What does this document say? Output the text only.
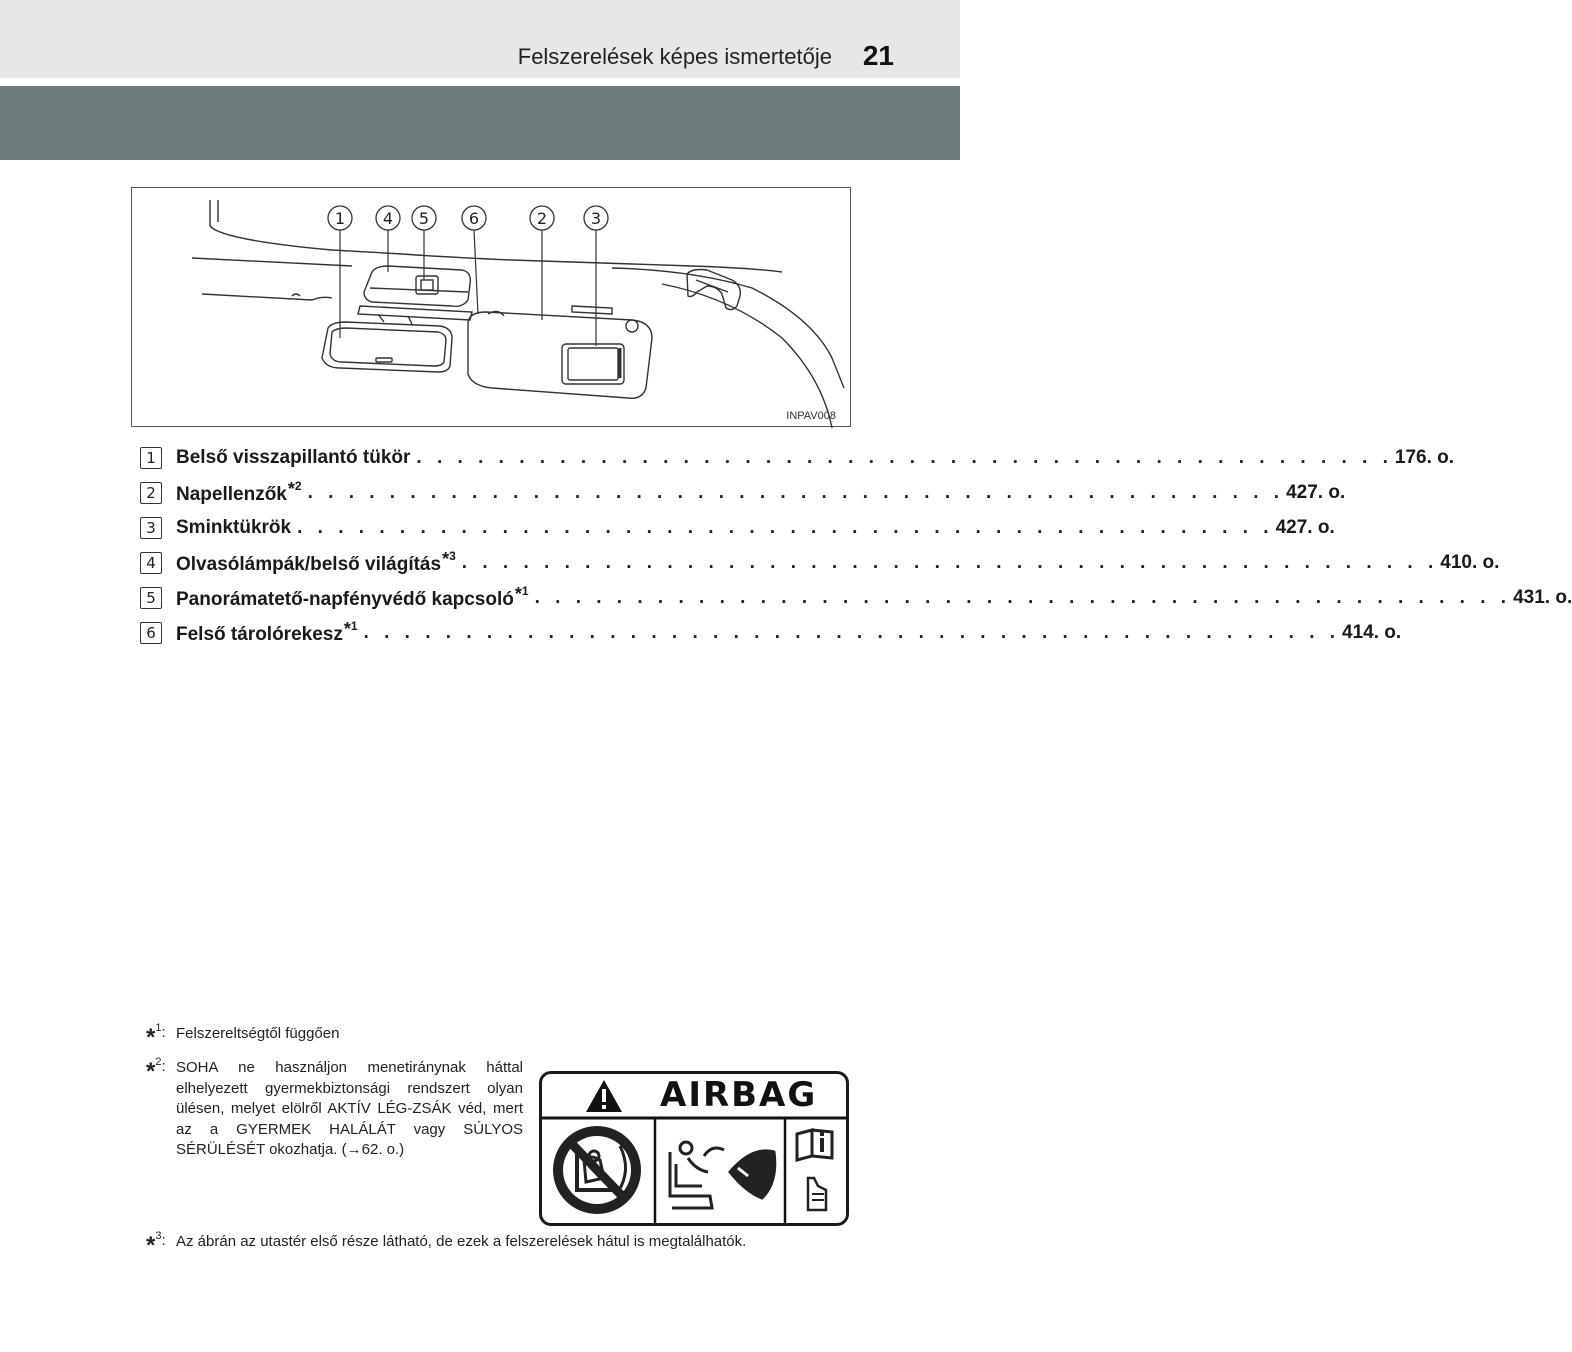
Felszerelések képes ismertetője 21
1 4 5 6	2	3
INPAV008
1	Belső visszapillantó tükör . . . . . . . . . . . . . . . . . . . . . . . . . . . . . . . . . . . . . . . . . . . . . . . . 176. o.
2	Napellenzők$^{*2}$ . . . . . . . . . . . . . . . . . . . . . . . . . . . . . . . . . . . . . . . . . . . . . . . . 427. o.
3	Sminktükrök . . . . . . . . . . . . . . . . . . . . . . . . . . . . . . . . . . . . . . . . . . . . . . . . 427. o.
4	Olvasólámpák/belső világítás$^{*3}$ . . . . . . . . . . . . . . . . . . . . . . . . . . . . . . . . . . . . . . . . . . . . . . . . 410. o.
5	Panorámatető-napfényvédő kapcsoló$^{*1}$ . . . . . . . . . . . . . . . . . . . . . . . . . . . . . . . . . . . . . . . . . . . . . . . . 431. o.
6	Felső tárolórekesz$^{*1}$ . . . . . . . . . . . . . . . . . . . . . . . . . . . . . . . . . . . . . . . . . . . . . . . . 414. o.
*$^1$: Felszereltségtől függően
*$^2$: SOHA ne használjon menetiránynak háttal elhelyezett gyermekbiztonsági rendszert olyan ülésen, melyet elölről AKTÍV LÉG-ZSÁK véd, mert az a GYERMEK HALÁLÁT vagy SÚLYOS SÉRÜLÉSÉT okozhatja. (→62. o.)
*$^3$: Az ábrán az utastér első része látható, de ezek a felszerelések hátul is megtalálhatók.
AIRBAG
